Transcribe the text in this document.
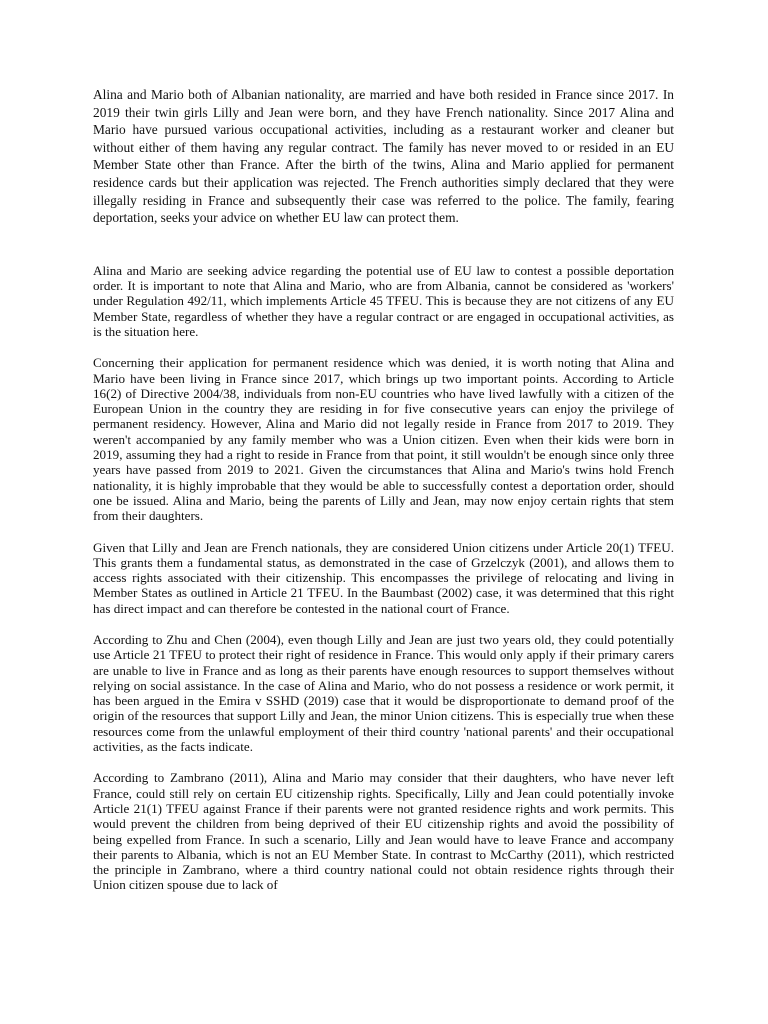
Alina and Mario both of Albanian nationality, are married and have both resided in France since 2017. In 2019 their twin girls Lilly and Jean were born, and they have French nationality. Since 2017 Alina and Mario have pursued various occupational activities, including as a restaurant worker and cleaner but without either of them having any regular contract. The family has never moved to or resided in an EU Member State other than France. After the birth of the twins, Alina and Mario applied for permanent residence cards but their application was rejected. The French authorities simply declared that they were illegally residing in France and subsequently their case was referred to the police. The family, fearing deportation, seeks your advice on whether EU law can protect them.

Alina and Mario are seeking advice regarding the potential use of EU law to contest a possible deportation order. It is important to note that Alina and Mario, who are from Albania, cannot be considered as 'workers' under Regulation 492/11, which implements Article 45 TFEU. This is because they are not citizens of any EU Member State, regardless of whether they have a regular contract or are engaged in occupational activities, as is the situation here.

Concerning their application for permanent residence which was denied, it is worth noting that Alina and Mario have been living in France since 2017, which brings up two important points. According to Article 16(2) of Directive 2004/38, individuals from non-EU countries who have lived lawfully with a citizen of the European Union in the country they are residing in for five consecutive years can enjoy the privilege of permanent residency. However, Alina and Mario did not legally reside in France from 2017 to 2019. They weren't accompanied by any family member who was a Union citizen. Even when their kids were born in 2019, assuming they had a right to reside in France from that point, it still wouldn't be enough since only three years have passed from 2019 to 2021. Given the circumstances that Alina and Mario's twins hold French nationality, it is highly improbable that they would be able to successfully contest a deportation order, should one be issued. Alina and Mario, being the parents of Lilly and Jean, may now enjoy certain rights that stem from their daughters.

Given that Lilly and Jean are French nationals, they are considered Union citizens under Article 20(1) TFEU. This grants them a fundamental status, as demonstrated in the case of Grzelczyk (2001), and allows them to access rights associated with their citizenship. This encompasses the privilege of relocating and living in Member States as outlined in Article 21 TFEU. In the Baumbast (2002) case, it was determined that this right has direct impact and can therefore be contested in the national court of France.

According to Zhu and Chen (2004), even though Lilly and Jean are just two years old, they could potentially use Article 21 TFEU to protect their right of residence in France. This would only apply if their primary carers are unable to live in France and as long as their parents have enough resources to support themselves without relying on social assistance. In the case of Alina and Mario, who do not possess a residence or work permit, it has been argued in the Emira v SSHD (2019) case that it would be disproportionate to demand proof of the origin of the resources that support Lilly and Jean, the minor Union citizens. This is especially true when these resources come from the unlawful employment of their third country 'national parents' and their occupational activities, as the facts indicate.

According to Zambrano (2011), Alina and Mario may consider that their daughters, who have never left France, could still rely on certain EU citizenship rights. Specifically, Lilly and Jean could potentially invoke Article 21(1) TFEU against France if their parents were not granted residence rights and work permits. This would prevent the children from being deprived of their EU citizenship rights and avoid the possibility of being expelled from France. In such a scenario, Lilly and Jean would have to leave France and accompany their parents to Albania, which is not an EU Member State. In contrast to McCarthy (2011), which restricted the principle in Zambrano, where a third country national could not obtain residence rights through their Union citizen spouse due to lack of
